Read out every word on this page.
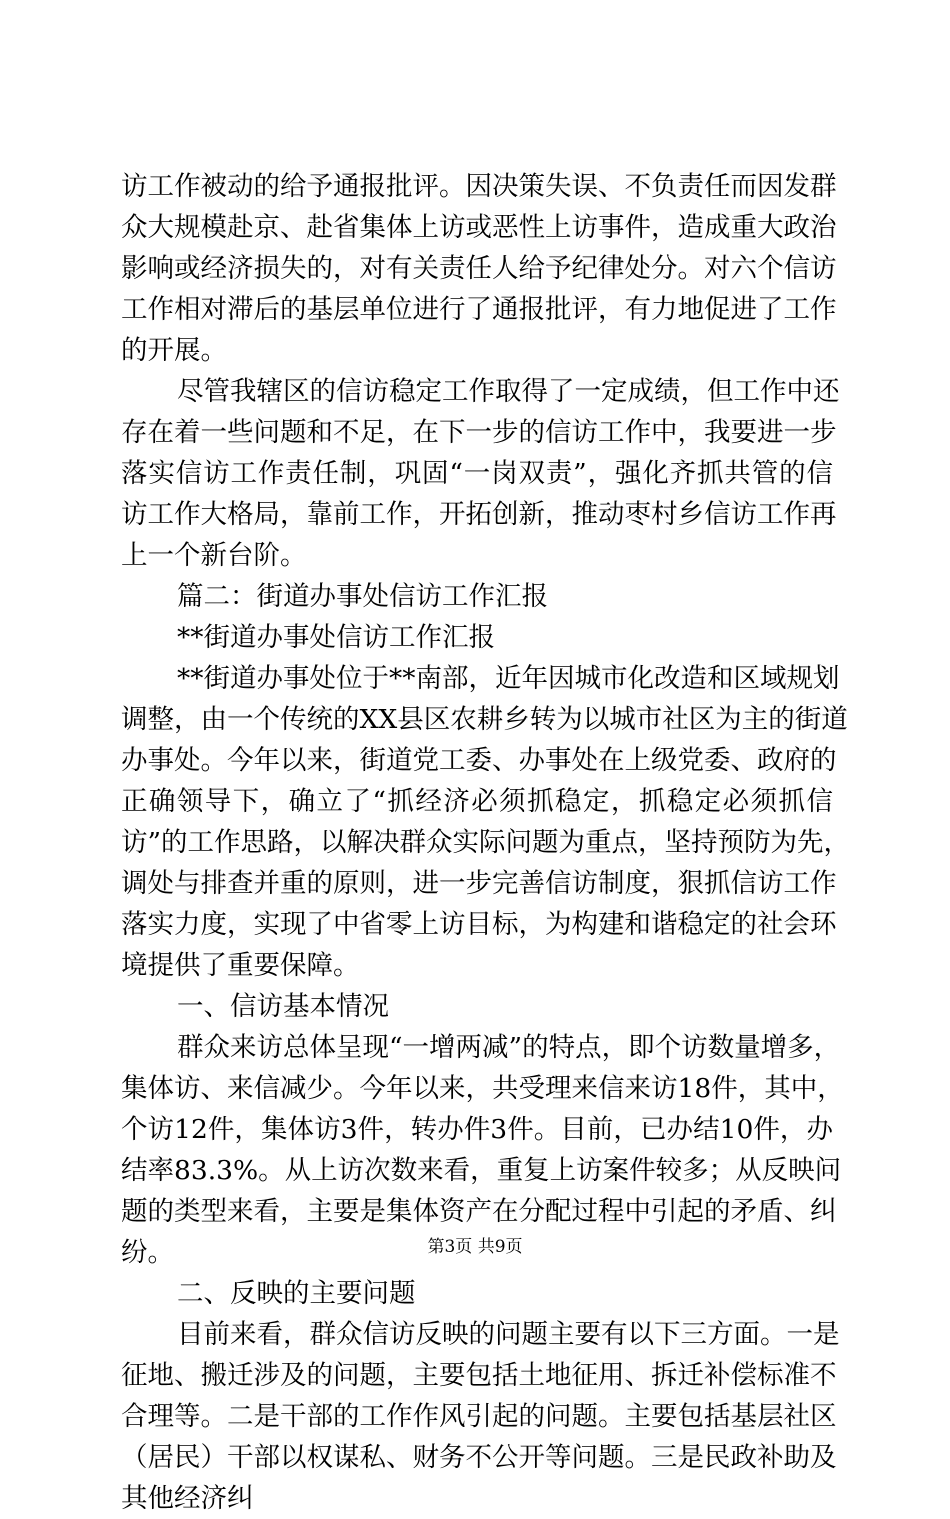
访工作被动的给予通报批评。因决策失误、不负责任而因发群
众大规模赴京、赴省集体上访或恶性上访事件，造成重大政治
影响或经济损失的，对有关责任人给予纪律处分。对六个信访
工作相对滞后的基层单位进行了通报批评，有力地促进了工作
的开展。
尽管我辖区的信访稳定工作取得了一定成绩，但工作中还
存在着一些问题和不足，在下一步的信访工作中，我要进一步
落实信访工作责任制，巩固“一岗双责”，强化齐抓共管的信
访工作大格局，靠前工作，开拓创新，推动枣村乡信访工作再
上一个新台阶。
篇二：街道办事处信访工作汇报
**街道办事处信访工作汇报
**街道办事处位于**南部，近年因城市化改造和区域规划
调整，由一个传统的XX县区农耕乡转为以城市社区为主的街道
办事处。今年以来，街道党工委、办事处在上级党委、政府的
正确领导下，确立了“抓经济必须抓稳定，抓稳定必须抓信
访”的工作思路，以解决群众实际问题为重点，坚持预防为先，
调处与排查并重的原则，进一步完善信访制度，狠抓信访工作
落实力度，实现了中省零上访目标，为构建和谐稳定的社会环
境提供了重要保障。
一、信访基本情况
群众来访总体呈现“一增两减”的特点，即个访数量增多，
集体访、来信减少。今年以来，共受理来信来访18件，其中，
个访12件，集体访3件，转办件3件。目前，已办结10件，办
结率83.3%。从上访次数来看，重复上访案件较多；从反映问
题的类型来看，主要是集体资产在分配过程中引起的矛盾、纠
纷。
二、反映的主要问题
目前来看，群众信访反映的问题主要有以下三方面。一是
征地、搬迁涉及的问题，主要包括土地征用、拆迁补偿标准不
合理等。二是干部的工作作风引起的问题。主要包括基层社区
（居民）干部以权谋私、财务不公开等问题。三是民政补助及
其他经济纠
第3页 共9页
